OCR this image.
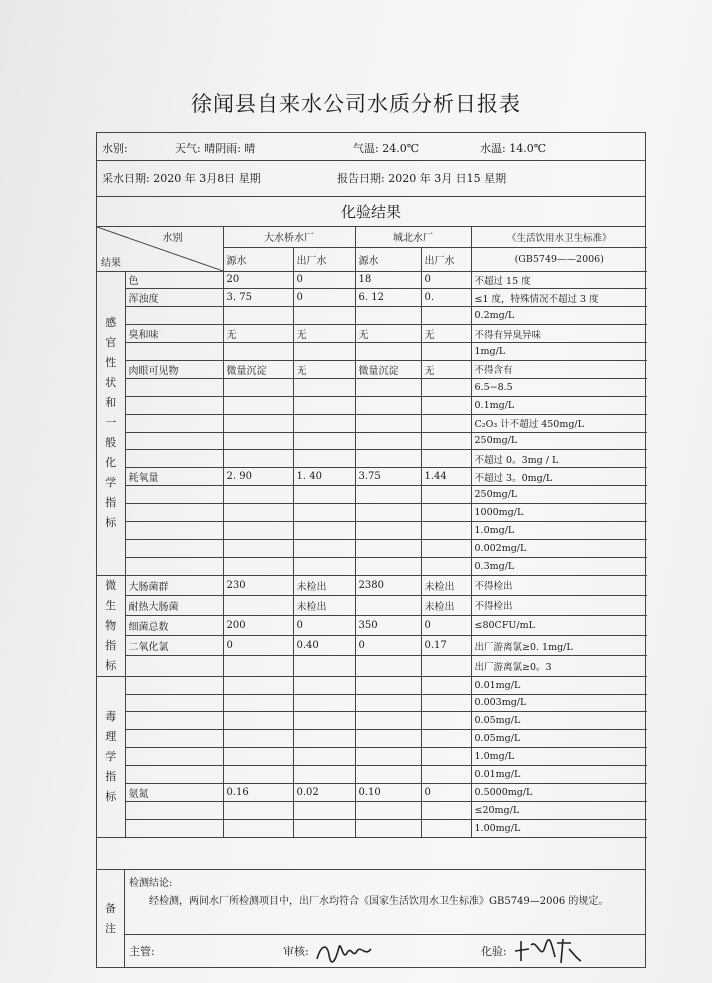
徐闻县自来水公司水质分析日报表
水别:	天气: 晴阴雨: 晴	气温: 24.0℃	水温: 14.0℃
采水日期: 2020 年 3月8日 星期	报告日期: 2020 年 3月 日15 星期
化验结果
水别
结果		大水桥水厂		城北水厂		《生活饮用水卫生标准》
		源水	出厂水	源水	出厂水	(GB5749——2006)
感官性状和一般化学指标	色	20	0	18	0	不超过 15 度
	浑浊度	3. 75	0	6. 12	0.	≤1 度，特殊情况不超过 3 度
						0.2mg/L
	臭和味	无	无	无	无	不得有异臭异味
						1mg/L
	肉眼可见物	微量沉淀	无	微量沉淀	无	不得含有
						6.5−8.5
						0.1mg/L
						C₂O₃ 计不超过 450mg/L
						250mg/L
						不超过 0。3mg / L
	耗氧量	2. 90	1. 40	3.75	1.44	不超过 3。0mg/L
						250mg/L
						1000mg/L
						1.0mg/L
						0.002mg/L
						0.3mg/L
微生物指标	大肠菌群	230	未检出	2380	未检出	不得检出
	耐热大肠菌		未检出		未检出	不得检出
	细菌总数	200	0	350	0	≤80CFU/mL
	二氧化氯	0	0.40	0	0.17	出厂游离氯≥0. 1mg/L
						出厂游离氯≥0。3
毒理学指标						0.01mg/L
						0.003mg/L
						0.05mg/L
						0.05mg/L
						1.0mg/L
						0.01mg/L
	氨氮	0.16	0.02	0.10	0	0.5000mg/L
						≤20mg/L
						1.00mg/L
备注
检测结论:
经检测，两间水厂所检测项目中，出厂水均符合《国家生活饮用水卫生标准》GB5749—2006 的规定。
主管:	审核:	化验:
